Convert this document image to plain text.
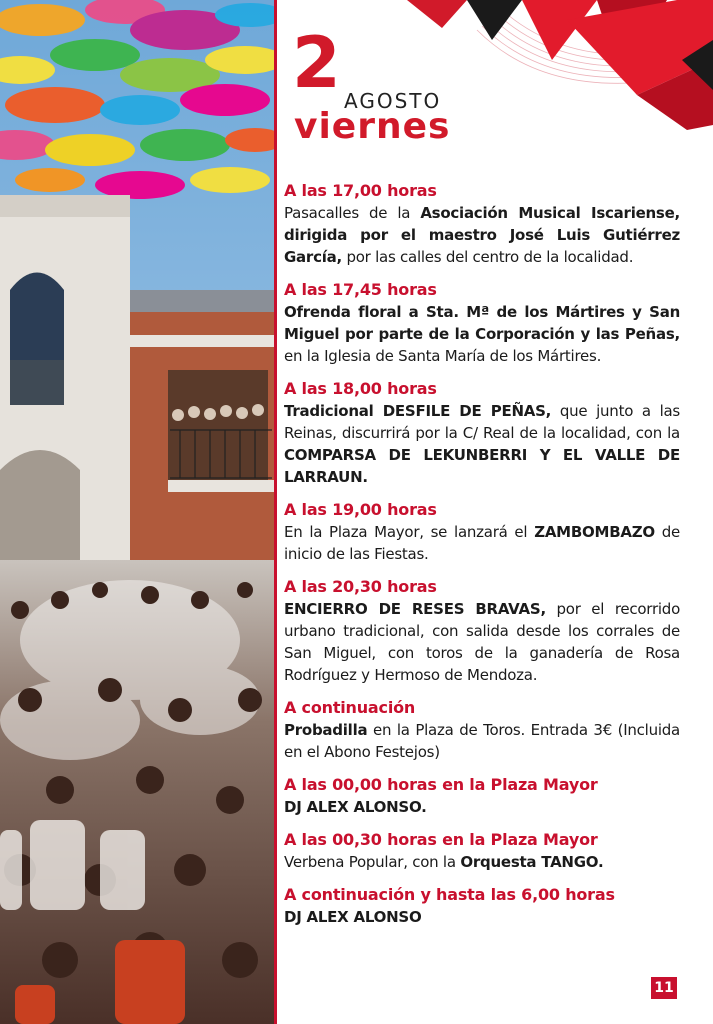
2 AGOSTO
viernes
A las 17,00 horas
Pasacalles de la Asociación Musical Iscariense, dirigida por el maestro José Luis Gutiérrez García, por las calles del centro de la localidad.
A las 17,45 horas
Ofrenda floral a Sta. Mª de los Mártires y San Miguel por parte de la Corporación y las Peñas, en la Iglesia de Santa María de los Mártires.
A las 18,00 horas
Tradicional DESFILE DE PEÑAS, que junto a las Reinas, discurrirá por la C/ Real de la localidad, con la COMPARSA DE LEKUNBERRI Y EL VALLE DE LARRAUN.
A las 19,00 horas
En la Plaza Mayor, se lanzará el ZAMBOMBAZO de inicio de las Fiestas.
A las 20,30 horas
ENCIERRO DE RESES BRAVAS, por el recorrido urbano tradicional, con salida desde los corrales de San Miguel, con toros de la ganadería de Rosa Rodríguez y Hermoso de Mendoza.
A continuación
Probadilla en la Plaza de Toros. Entrada 3€ (Incluida en el Abono Festejos)
A las 00,00 horas en la Plaza Mayor
DJ ALEX ALONSO.
A las 00,30 horas en la Plaza Mayor
Verbena Popular, con la Orquesta TANGO.
A continuación y hasta las 6,00 horas
DJ ALEX ALONSO
11
